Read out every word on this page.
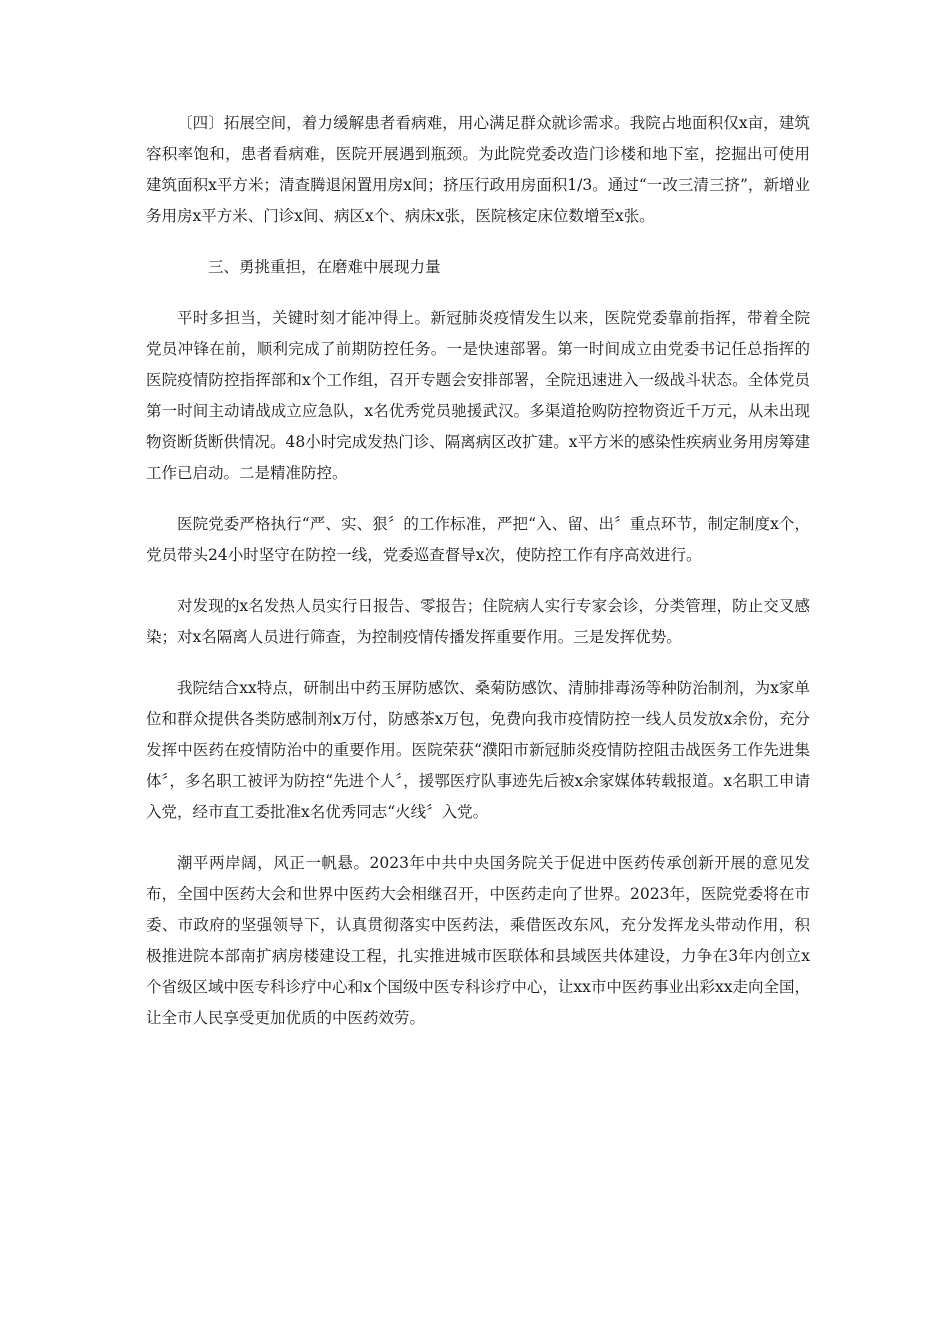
〔四〕拓展空间，着力缓解患者看病难，用心满足群众就诊需求。我院占地面积仅x亩，建筑容积率饱和，患者看病难，医院开展遇到瓶颈。为此院党委改造门诊楼和地下室，挖掘出可使用建筑面积x平方米；清查腾退闲置用房x间；挤压行政用房面积1/3。通过“一改三清三挤”，新增业务用房x平方米、门诊x间、病区x个、病床x张，医院核定床位数增至x张。

三、勇挑重担，在磨难中展现力量

平时多担当，关键时刻才能冲得上。新冠肺炎疫情发生以来，医院党委靠前指挥，带着全院党员冲锋在前，顺利完成了前期防控任务。一是快速部署。第一时间成立由党委书记任总指挥的医院疫情防控指挥部和x个工作组，召开专题会安排部署，全院迅速进入一级战斗状态。全体党员第一时间主动请战成立应急队，x名优秀党员驰援武汉。多渠道抢购防控物资近千万元，从未出现物资断货断供情况。48小时完成发热门诊、隔离病区改扩建。x平方米的感染性疾病业务用房筹建工作已启动。二是精准防控。

医院党委严格执行“严、实、狠〞的工作标准，严把“入、留、出〞重点环节，制定制度x个，党员带头24小时坚守在防控一线，党委巡查督导x次，使防控工作有序高效进行。

对发现的x名发热人员实行日报告、零报告；住院病人实行专家会诊，分类管理，防止交叉感染；对x名隔离人员进行筛查，为控制疫情传播发挥重要作用。三是发挥优势。

我院结合xx特点，研制出中药玉屏防感饮、桑菊防感饮、清肺排毒汤等种防治制剂，为x家单位和群众提供各类防感制剂x万付，防感茶x万包，免费向我市疫情防控一线人员发放x余份，充分发挥中医药在疫情防治中的重要作用。医院荣获“濮阳市新冠肺炎疫情防控阻击战医务工作先进集体〞，多名职工被评为防控“先进个人〞，援鄂医疗队事迹先后被x余家媒体转载报道。x名职工申请入党，经市直工委批准x名优秀同志“火线〞入党。

潮平两岸阔，风正一帆悬。2023年中共中央国务院关于促进中医药传承创新开展的意见发布，全国中医药大会和世界中医药大会相继召开，中医药走向了世界。2023年，医院党委将在市委、市政府的坚强领导下，认真贯彻落实中医药法，乘借医改东风，充分发挥龙头带动作用，积极推进院本部南扩病房楼建设工程，扎实推进城市医联体和县域医共体建设，力争在3年内创立x个省级区域中医专科诊疗中心和x个国级中医专科诊疗中心，让xx市中医药事业出彩xx走向全国，让全市人民享受更加优质的中医药效劳。
